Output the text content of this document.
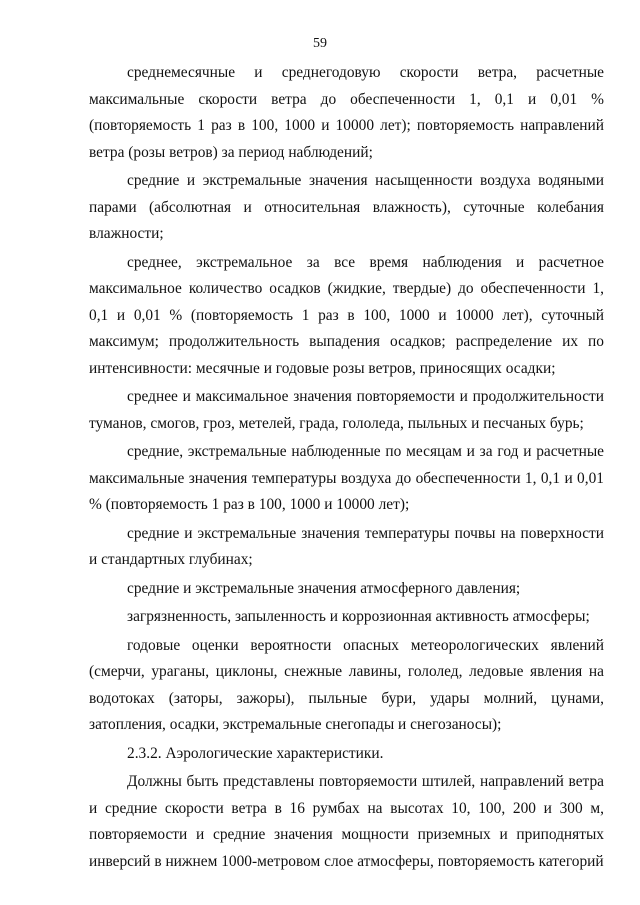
59

среднемесячные и среднегодовую скорости ветра, расчетные максимальные скорости ветра до обеспеченности 1, 0,1 и 0,01 % (повторяемость 1 раз в 100, 1000 и 10000 лет); повторяемость направлений ветра (розы ветров) за период наблюдений;

средние и экстремальные значения насыщенности воздуха водяными парами (абсолютная и относительная влажность), суточные колебания влажности;

среднее, экстремальное за все время наблюдения и расчетное максимальное количество осадков (жидкие, твердые) до обеспеченности 1, 0,1 и 0,01 % (повторяемость 1 раз в 100, 1000 и 10000 лет), суточный максимум; продолжительность выпадения осадков; распределение их по интенсивности: месячные и годовые розы ветров, приносящих осадки;

среднее и максимальное значения повторяемости и продолжительности туманов, смогов, гроз, метелей, града, гололеда, пыльных и песчаных бурь;

средние, экстремальные наблюденные по месяцам и за год и расчетные максимальные значения температуры воздуха до обеспеченности 1, 0,1 и 0,01 % (повторяемость 1 раз в 100, 1000 и 10000 лет);

средние и экстремальные значения температуры почвы на поверхности и стандартных глубинах;

средние и экстремальные значения атмосферного давления;

загрязненность, запыленность и коррозионная активность атмосферы;

годовые оценки вероятности опасных метеорологических явлений (смерчи, ураганы, циклоны, снежные лавины, гололед, ледовые явления на водотоках (заторы, зажоры), пыльные бури, удары молний, цунами, затопления, осадки, экстремальные снегопады и снегозаносы);

2.3.2. Аэрологические характеристики.

Должны быть представлены повторяемости штилей, направлений ветра и средние скорости ветра в 16 румбах на высотах 10, 100, 200 и 300 м, повторяемости и средние значения мощности приземных и приподнятых инверсий в нижнем 1000-метровом слое атмосферы, повторяемость категорий
